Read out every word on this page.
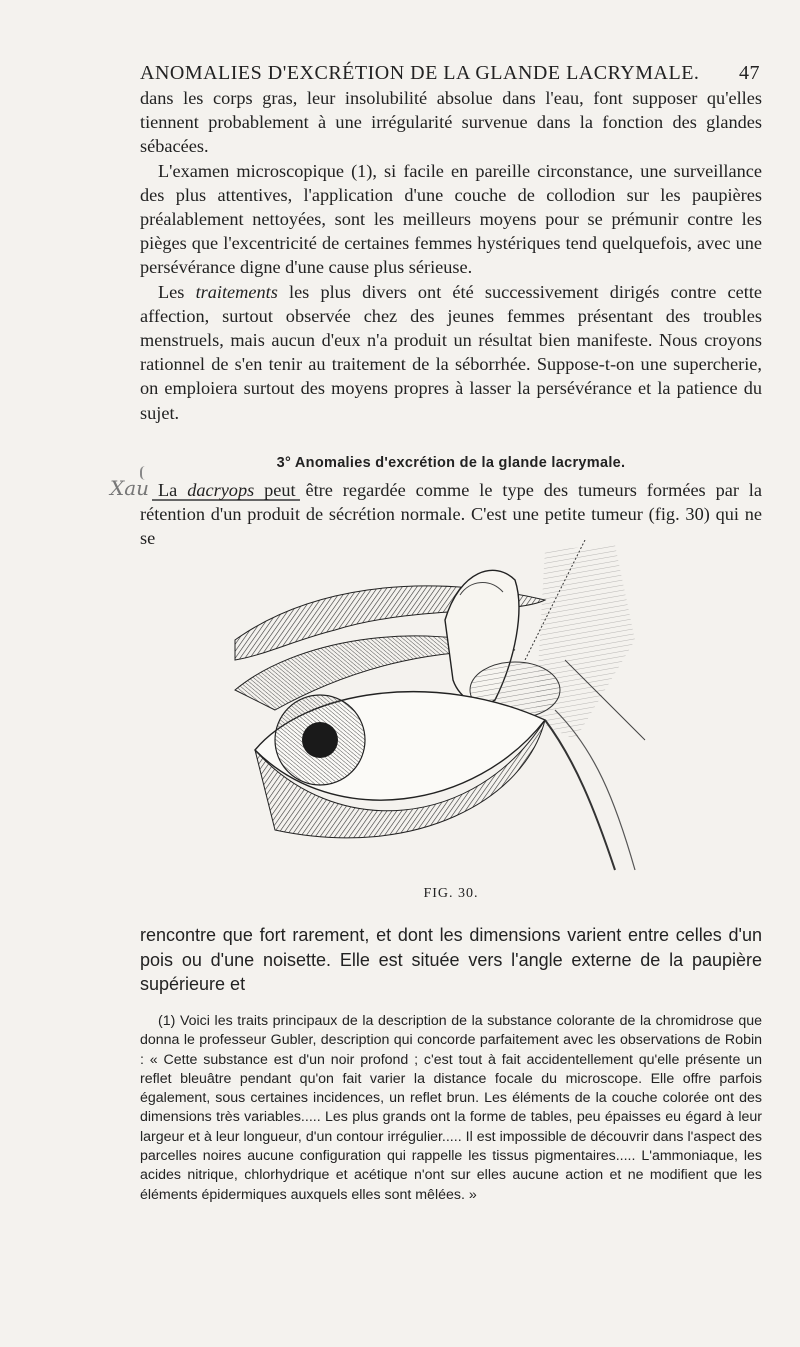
ANOMALIES D'EXCRÉTION DE LA GLANDE LACRYMALE. 47

dans les corps gras, leur insolubilité absolue dans l'eau, font supposer qu'elles tiennent probablement à une irrégularité survenue dans la fonction des glandes sébacées.

L'examen microscopique (1), si facile en pareille circonstance, une surveillance des plus attentives, l'application d'une couche de collodion sur les paupières préalablement nettoyées, sont les meilleurs moyens pour se prémunir contre les pièges que l'excentricité de certaines femmes hystériques tend quelquefois, avec une persévérance digne d'une cause plus sérieuse.

Les traitements les plus divers ont été successivement dirigés contre cette affection, surtout observée chez des jeunes femmes présentant des troubles menstruels, mais aucun d'eux n'a produit un résultat bien manifeste. Nous croyons rationnel de s'en tenir au traitement de la séborrhée. Suppose-t-on une supercherie, on emploiera surtout des moyens propres à lasser la persévérance et la patience du sujet.

3° Anomalies d'excrétion de la glande lacrymale.
Xau La dacryops peut être regardée comme le type des tumeurs formées par la rétention d'un produit de sécrétion normale. C'est une petite tumeur (fig. 30) qui ne se

FIG. 30.

rencontre que fort rarement, et dont les dimensions varient entre celles d'un pois ou d'une noisette. Elle est située vers l'angle externe de la paupière supérieure et

(1) Voici les traits principaux de la description de la substance colorante de la chromidrose que donna le professeur Gubler, description qui concorde parfaitement avec les observations de Robin : « Cette substance est d'un noir profond ; c'est tout à fait accidentellement qu'elle présente un reflet bleuâtre pendant qu'on fait varier la distance focale du microscope. Elle offre parfois également, sous certaines incidences, un reflet brun. Les éléments de la couche colorée ont des dimensions très variables..... Les plus grands ont la forme de tables, peu épaisses eu égard à leur largeur et à leur longueur, d'un contour irrégulier..... Il est impossible de découvrir dans l'aspect des parcelles noires aucune configuration qui rappelle les tissus pigmentaires..... L'ammoniaque, les acides nitrique, chlorhydrique et acétique n'ont sur elles aucune action et ne modifient que les éléments épidermiques auxquels elles sont mêlées. »
